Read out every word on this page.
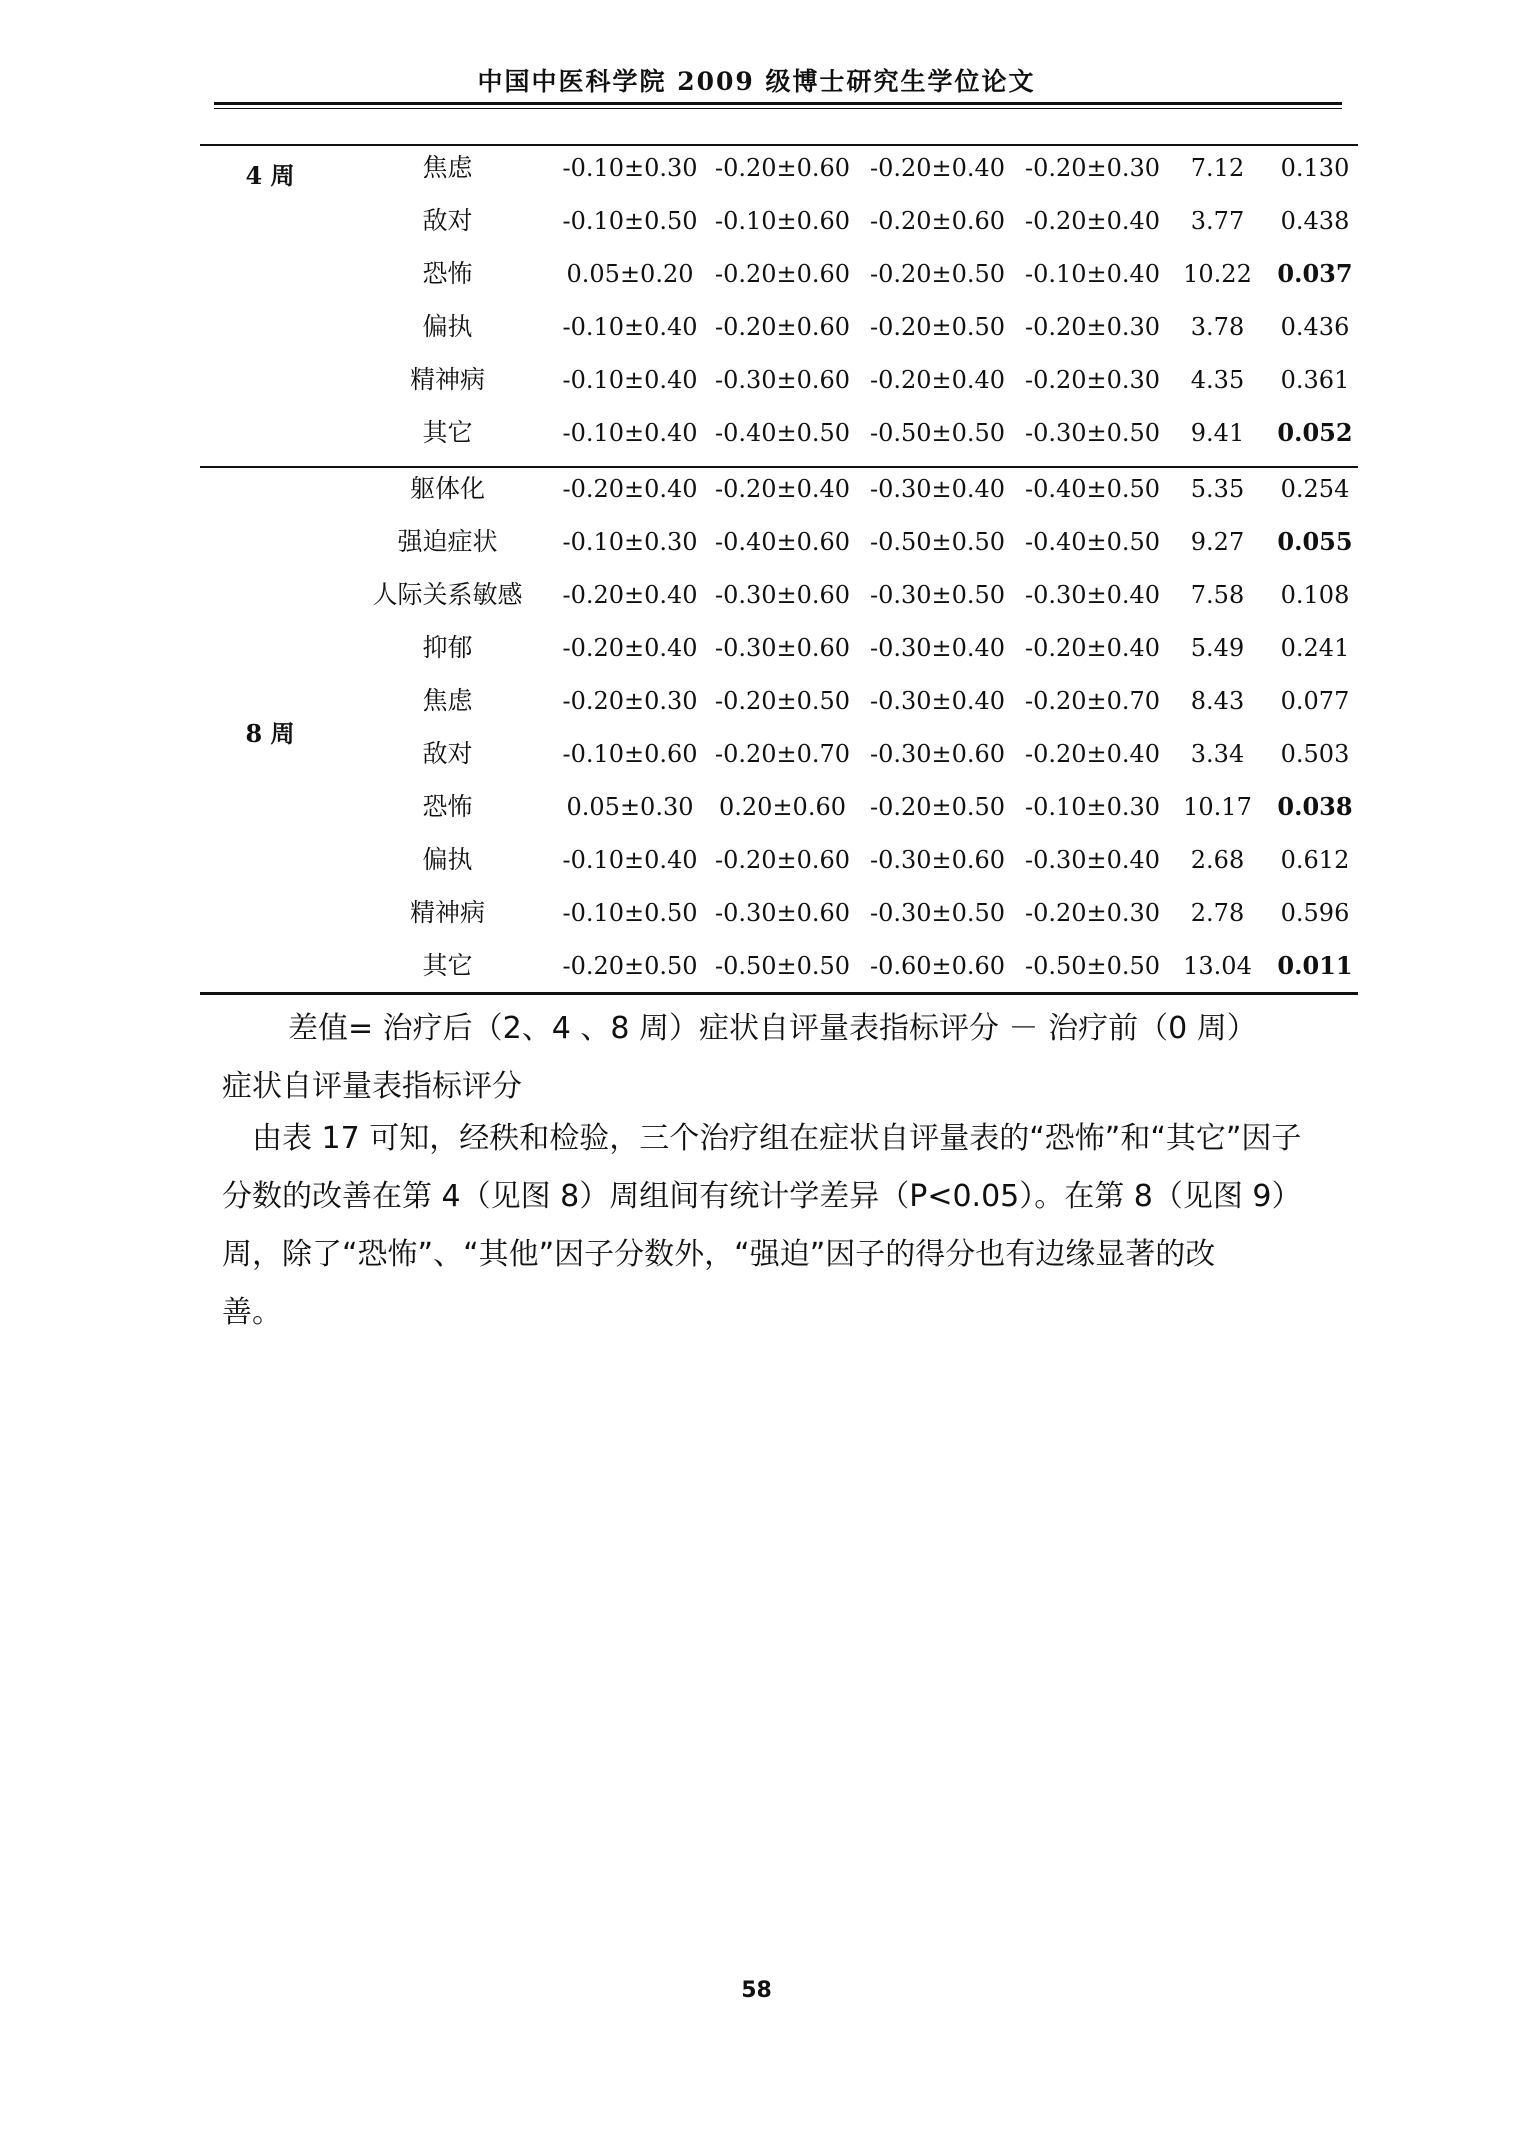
中国中医科学院 2009 级博士研究生学位论文
4 周	焦虑	-0.10±0.30 -0.20±0.60 -0.20±0.40 -0.20±0.30	7.12	0.130
敌对	-0.10±0.50 -0.10±0.60 -0.20±0.60 -0.20±0.40	3.77	0.438
恐怖	0.05±0.20 -0.20±0.60 -0.20±0.50 -0.10±0.40 10.22	0.037
偏执	-0.10±0.40 -0.20±0.60 -0.20±0.50 -0.20±0.30	3.78	0.436
精神病	-0.10±0.40 -0.30±0.60 -0.20±0.40 -0.20±0.30	4.35	0.361
其它	-0.10±0.40 -0.40±0.50 -0.50±0.50 -0.30±0.50	9.41	0.052
8 周
躯体化	-0.20±0.40 -0.20±0.40 -0.30±0.40 -0.40±0.50	5.35	0.254
强迫症状	-0.10±0.30 -0.40±0.60 -0.50±0.50 -0.40±0.50	9.27	0.055
人际关系敏感	-0.20±0.40 -0.30±0.60 -0.30±0.50 -0.30±0.40	7.58	0.108
抑郁	-0.20±0.40 -0.30±0.60 -0.30±0.40 -0.20±0.40	5.49	0.241
焦虑	-0.20±0.30 -0.20±0.50 -0.30±0.40 -0.20±0.70	8.43	0.077
敌对	-0.10±0.60 -0.20±0.70 -0.30±0.60 -0.20±0.40	3.34	0.503
恐怖	0.05±0.30	0.20±0.60 -0.20±0.50 -0.10±0.30 10.17	0.038
偏执	-0.10±0.40 -0.20±0.60 -0.30±0.60 -0.30±0.40	2.68	0.612
精神病	-0.10±0.50 -0.30±0.60 -0.30±0.50 -0.20±0.30	2.78	0.596
其它	-0.20±0.50 -0.50±0.50 -0.60±0.60 -0.50±0.50 13.04	0.011
差值= 治疗后（2、4 、8 周）症状自评量表指标评分 － 治疗前（0 周）
症状自评量表指标评分
由表 17 可知，经秩和检验，三个治疗组在症状自评量表的“恐怖”和“其它”因子
分数的改善在第 4（见图 8）周组间有统计学差异（P<0.05）。在第 8（见图 9）
周，除了“恐怖”、“其他”因子分数外，“强迫”因子的得分也有边缘显著的改
善。
58
